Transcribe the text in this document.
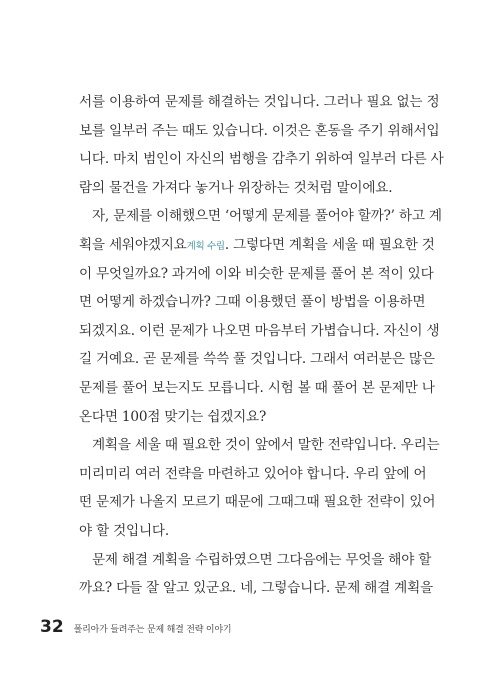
서를 이용하여 문제를 해결하는 것입니다. 그러나 필요 없는 정
보를 일부러 주는 때도 있습니다. 이것은 혼동을 주기 위해서입
니다. 마치 범인이 자신의 범행을 감추기 위하여 일부러 다른 사
람의 물건을 가져다 놓거나 위장하는 것처럼 말이에요.
자, 문제를 이해했으면 ‘어떻게 문제를 풀어야 할까?’ 하고 계
획을 세워야겠지요계획 수립. 그렇다면 계획을 세울 때 필요한 것
이 무엇일까요? 과거에 이와 비슷한 문제를 풀어 본 적이 있다
면 어떻게 하겠습니까? 그때 이용했던 풀이 방법을 이용하면
되겠지요. 이런 문제가 나오면 마음부터 가볍습니다. 자신이 생
길 거예요. 곧 문제를 쓱쓱 풀 것입니다. 그래서 여러분은 많은
문제를 풀어 보는지도 모릅니다. 시험 볼 때 풀어 본 문제만 나
온다면 100점 맞기는 쉽겠지요?
계획을 세울 때 필요한 것이 앞에서 말한 전략입니다. 우리는
미리미리 여러 전략을 마련하고 있어야 합니다. 우리 앞에 어
떤 문제가 나올지 모르기 때문에 그때그때 필요한 전략이 있어
야 할 것입니다.
문제 해결 계획을 수립하였으면 그다음에는 무엇을 해야 할
까요? 다들 잘 알고 있군요. 네, 그렇습니다. 문제 해결 계획을
32 폴리아가 들려주는 문제 해결 전략 이야기
